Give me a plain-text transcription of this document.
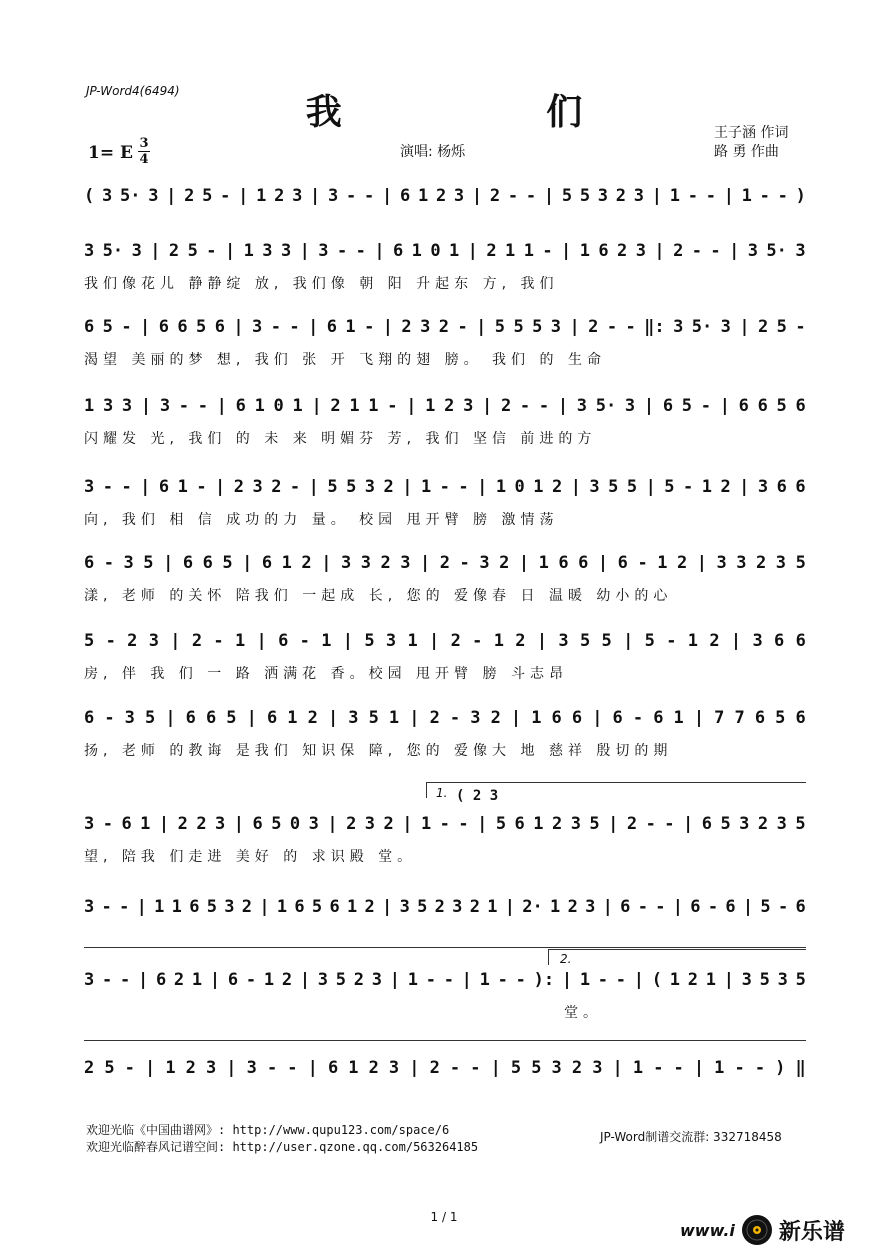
JP-Word4(6494)	我 们
1= E 3
4	演唱: 杨烁
王子涵 作词
路 勇 作曲
( 3 5· 3 | 2 5 - | 1 2 3 | 3 - - | 6 1 2 3 | 2 - - | 5 5 3 2 3 | 1 - - | 1 - - )
3 5· 3 | 2 5 - | 1 3 3 | 3 - - | 6 1 0 1 | 2 1 1 - | 1 6 2 3 | 2 - - | 3 5· 3
我们像花儿 静静绽 放, 我们像 朝 阳 升起东 方, 我们
6 5 - | 6 6 5 6 | 3 - - | 6 1 - | 2 3 2 - | 5 5 5 3 | 2 - - ‖: 3 5· 3 | 2 5 -
渴望 美丽的梦 想, 我们 张 开 飞翔的翅 膀。 我们 的 生命
1 3 3 | 3 - - | 6 1 0 1 | 2 1 1 - | 1 2 3 | 2 - - | 3 5· 3 | 6 5 - | 6 6 5 6
闪耀发 光, 我们 的 未 来 明媚芬 芳, 我们 坚信 前进的方
3 - - | 6 1 - | 2 3 2 - | 5 5 3 2 | 1 - - | 1 0 1 2 | 3 5 5 | 5 - 1 2 | 3 6 6
向, 我们 相 信 成功的力 量。 校园 甩开臂 膀 激情荡
6 - 3 5 | 6 6 5 | 6 1 2 | 3 3 2 3 | 2 - 3 2 | 1 6 6 | 6 - 1 2 | 3 3 2 3 5
漾, 老师 的关怀 陪我们 一起成 长, 您的 爱像春 日 温暖 幼小的心
5 - 2 3 | 2 - 1 | 6 - 1 | 5 3 1 | 2 - 1 2 | 3 5 5 | 5 - 1 2 | 3 6 6
房, 伴 我 们 一 路 洒满花 香。校园 甩开臂 膀 斗志昂
6 - 3 5 | 6 6 5 | 6 1 2 | 3 5 1 | 2 - 3 2 | 1 6 6 | 6 - 6 1 | 7 7 6 5 6
扬, 老师 的教诲 是我们 知识保 障, 您的 爱像大 地 慈祥 殷切的期
3 - 6 1 | 2 2 3 | 6 5 0 3 | 2 3 2 | 1 - - | 5 6 1 2 3 5 | 2 - - | 6 5 3 2 3 5
望, 陪我 们走进 美好 的 求识殿 堂。
3 - - | 1 1 6 5 3 2 | 1 6 5 6 1 2 | 3 5 2 3 2 1 | 2· 1 2 3 | 6 - - | 6 - 6 | 5 - 6
3 - - | 6 2 1 | 6 - 1 2 | 3 5 2 3 | 1 - - | 1 - - ): | 1 - - | ( 1 2 1 | 3 5 3 5
堂。
2 5 - | 1 2 3 | 3 - - | 6 1 2 3 | 2 - - | 5 5 3 2 3 | 1 - - | 1 - - ) ‖
1. ( 2 3
2.
欢迎光临《中国曲谱网》: http://www.qupu123.com/space/6
欢迎光临醉春风记谱空间: http://user.qzone.qq.com/563264185
JP-Word制谱交流群: 332718458
1 / 1
www.i 新乐谱
